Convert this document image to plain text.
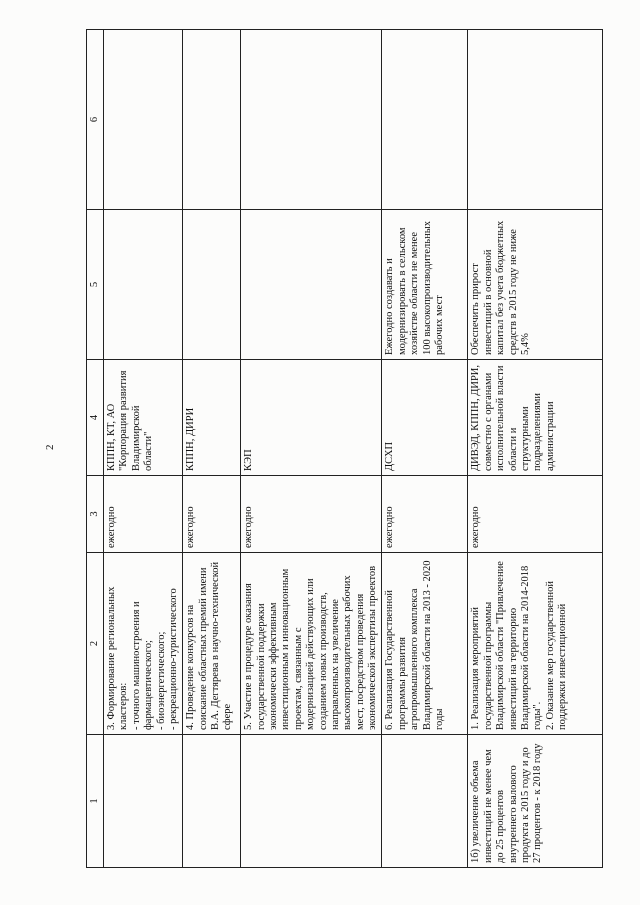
2
1	2	3	4	5	6
	3. Формирование региональных кластеров:
- точного машиностроения и фармацевтического;
- биоэнергетического;
- рекреационно-туристического	ежегодно	КППН, КТ, АО "Корпорация развития Владимирской области"		
	4. Проведение конкурсов на соискание областных премий имени В.А. Дегтярева в научно-технической сфере	ежегодно	КППН, ДИРИ		
	5. Участие в процедуре оказания государственной поддержки экономически эффективным инвестиционным и инновационным проектам, связанным с модернизацией действующих или созданием новых производств, направленных на увеличение высокопроизводительных рабочих мест, посредством проведения экономической экспертизы проектов	ежегодно	КЭП		
	6. Реализация Государственной программы развития агропромышленного комплекса Владимирской области на 2013 - 2020 годы	ежегодно	ДСХП	Ежегодно создавать и модернизировать в сельском хозяйстве области не менее 100 высокопроизводительных рабочих мест	
1б) увеличение объема инвестиций не менее чем до 25 процентов внутреннего валового продукта к 2015 году и до 27 процентов - к 2018 году	1. Реализация мероприятий государственной программы Владимирской области "Привлечение инвестиций на территорию Владимирской области на 2014-2018 годы".
2. Оказание мер государственной поддержки инвестиционной	ежегодно	ДИВЭД, КППН, ДИРИ, совместно с органами исполнительной власти области и структурными подразделениями администрации	Обеспечить прирост инвестиций в основной капитал без учета бюджетных средств в 2015 году не ниже 5,4%	
